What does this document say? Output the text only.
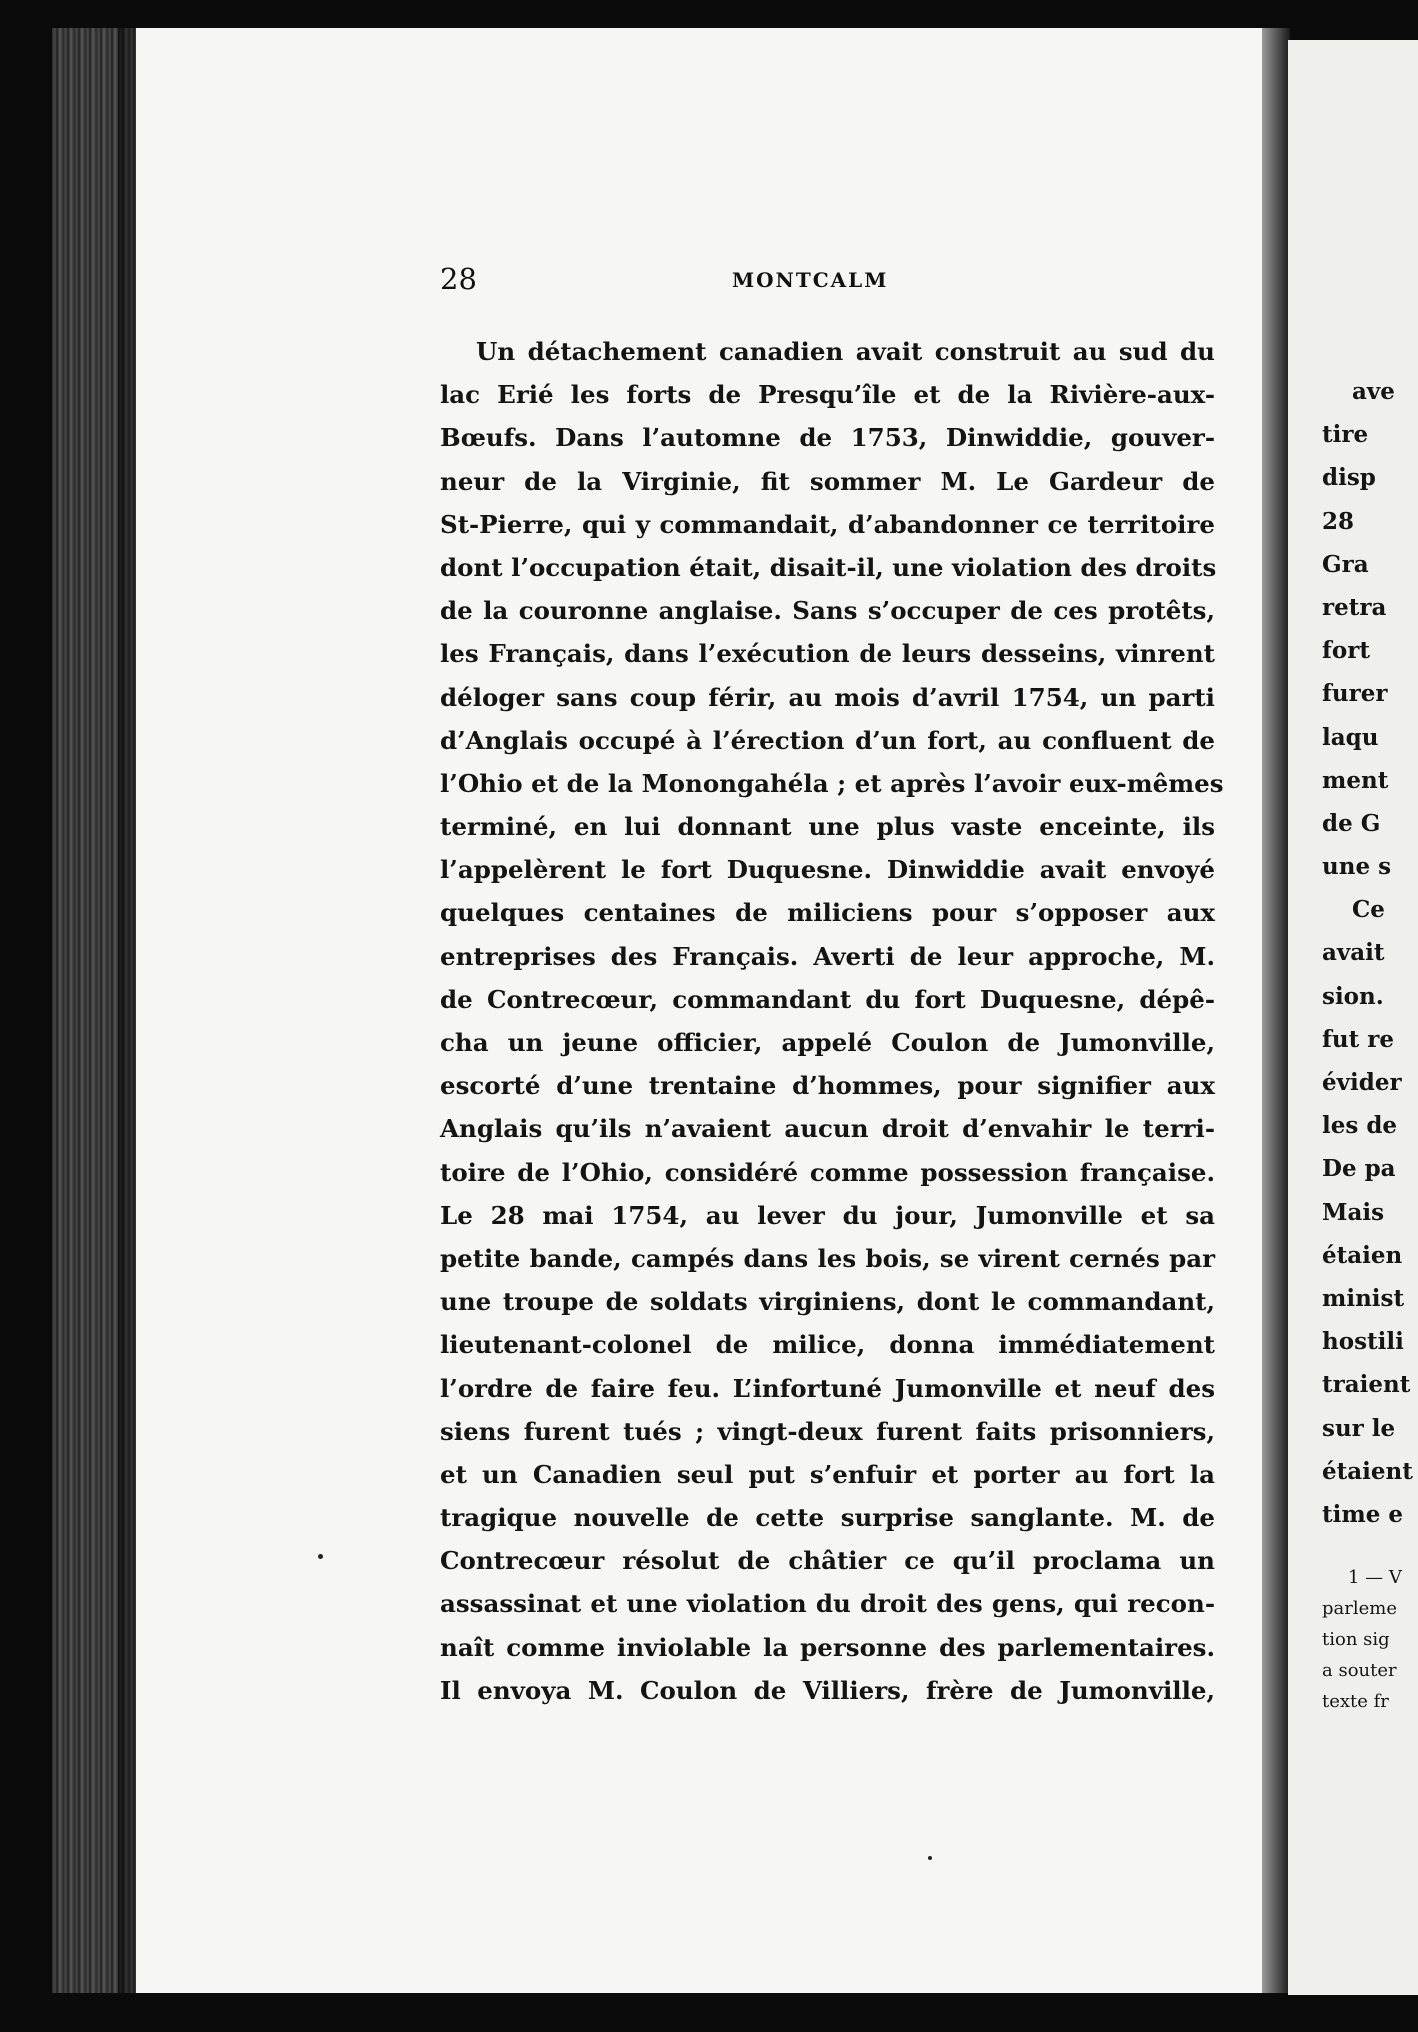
28	MONTCALM
Un détachement canadien avait construit au sud du
lac Erié les forts de Presqu’île et de la Rivière-aux-
Bœufs. Dans l’automne de 1753, Dinwiddie, gouver-
neur de la Virginie, fit sommer M. Le Gardeur de
St-Pierre, qui y commandait, d’abandonner ce territoire
dont l’occupation était, disait-il, une violation des droits
de la couronne anglaise. Sans s’occuper de ces protêts,
les Français, dans l’exécution de leurs desseins, vinrent
déloger sans coup férir, au mois d’avril 1754, un parti
d’Anglais occupé à l’érection d’un fort, au confluent de
l’Ohio et de la Monongahéla ; et après l’avoir eux-mêmes
terminé, en lui donnant une plus vaste enceinte, ils
l’appelèrent le fort Duquesne. Dinwiddie avait envoyé
quelques centaines de miliciens pour s’opposer aux
entreprises des Français. Averti de leur approche, M.
de Contrecœur, commandant du fort Duquesne, dépê-
cha un jeune officier, appelé Coulon de Jumonville,
escorté d’une trentaine d’hommes, pour signifier aux
Anglais qu’ils n’avaient aucun droit d’envahir le terri-
toire de l’Ohio, considéré comme possession française.
Le 28 mai 1754, au lever du jour, Jumonville et sa
petite bande, campés dans les bois, se virent cernés par
une troupe de soldats virginiens, dont le commandant,
lieutenant-colonel de milice, donna immédiatement
l’ordre de faire feu. L’infortuné Jumonville et neuf des
siens furent tués ; vingt-deux furent faits prisonniers,
et un Canadien seul put s’enfuir et porter au fort la
tragique nouvelle de cette surprise sanglante. M. de
Contrecœur résolut de châtier ce qu’il proclama un
assassinat et une violation du droit des gens, qui recon-
naît comme inviolable la personne des parlementaires.
Il envoya M. Coulon de Villiers, frère de Jumonville,
ave
tire
disp
28
Gra
retra
fort
furer
laqu
ment
de G
une s
Ce
avait
sion.
fut re
évider
les de
De pa
Mais
étaien
minist
hostili
traient
sur le
étaient
time e
1 — V
parleme
tion sig
a souter
texte fr
